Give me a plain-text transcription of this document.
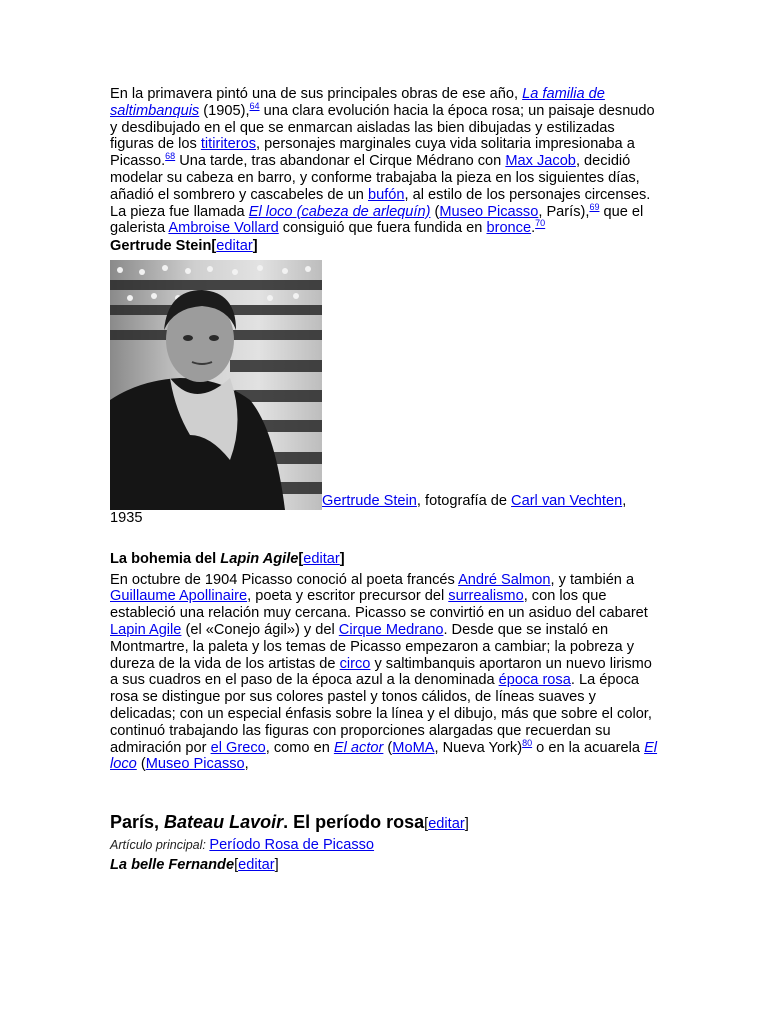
En la primavera pintó una de sus principales obras de ese año, La familia de saltimbanquis (1905),$^{64}$ una clara evolución hacia la época rosa; un paisaje desnudo y desdibujado en el que se enmarcan aisladas las bien dibujadas y estilizadas figuras de los titiriteros, personajes marginales cuya vida solitaria impresionaba a Picasso.$^{68}$ Una tarde, tras abandonar el Cirque Médrano con Max Jacob, decidió modelar su cabeza en barro, y conforme trabajaba la pieza en los siguientes días, añadió el sombrero y cascabeles de un bufón, al estilo de los personajes circenses. La pieza fue llamada El loco (cabeza de arlequín) (Museo Picasso, París),$^{69}$ que el galerista Ambroise Vollard consiguió que fuera fundida en bronce.$^{70}$

Gertrude Stein[editar]
Gertrude Stein, fotografía de Carl van Vechten, 1935
La bohemia del Lapin Agile[editar]

En octubre de 1904 Picasso conoció al poeta francés André Salmon, y también a Guillaume Apollinaire, poeta y escritor precursor del surrealismo, con los que estableció una relación muy cercana. Picasso se convirtió en un asiduo del cabaret Lapin Agile (el «Conejo ágil») y del Cirque Medrano. Desde que se instaló en Montmartre, la paleta y los temas de Picasso empezaron a cambiar; la pobreza y dureza de la vida de los artistas de circo y saltimbanquis aportaron un nuevo lirismo a sus cuadros en el paso de la época azul a la denominada época rosa. La época rosa se distingue por sus colores pastel y tonos cálidos, de líneas suaves y delicadas; con un especial énfasis sobre la línea y el dibujo, más que sobre el color, continuó trabajando las figuras con proporciones alargadas que recuerdan su admiración por el Greco, como en El actor (MoMA, Nueva York)$^{80}$ o en la acuarela El loco (Museo Picasso,

París, Bateau Lavoir. El período rosa[editar]
Artículo principal: Período Rosa de Picasso
La belle Fernande[editar]
